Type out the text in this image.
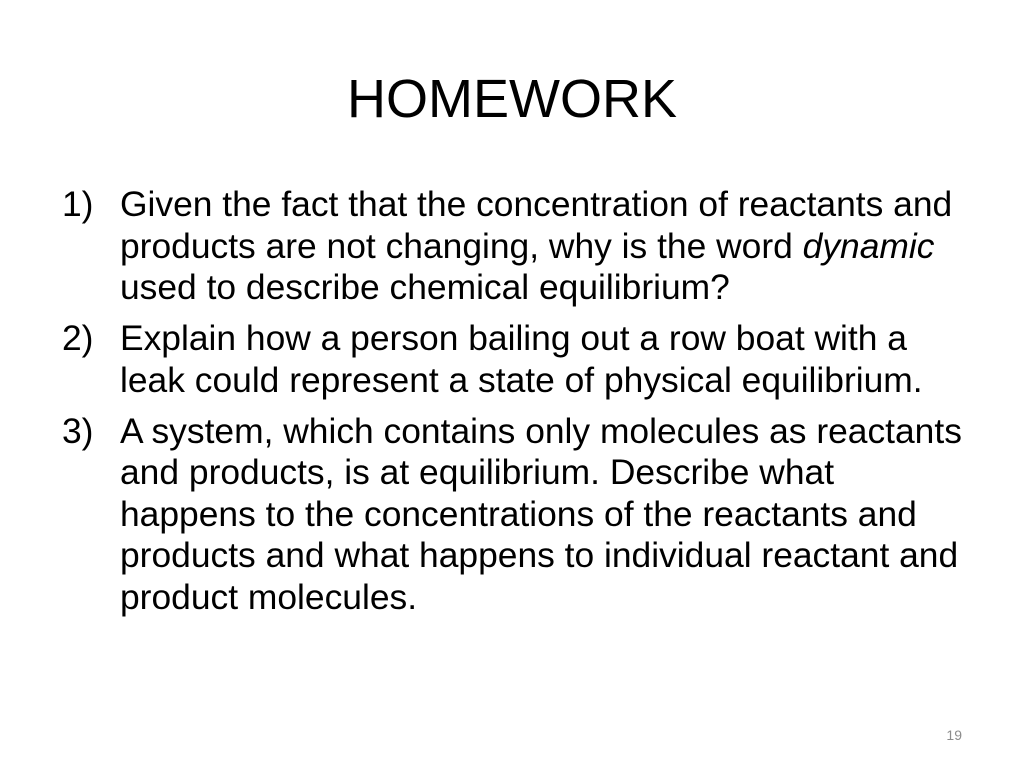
HOMEWORK
1) Given the fact that the concentration of reactants and
products are not changing, why is the word dynamic
used to describe chemical equilibrium?
2) Explain how a person bailing out a row boat with a
leak could represent a state of physical equilibrium.
3) A system, which contains only molecules as reactants
and products, is at equilibrium. Describe what
happens to the concentrations of the reactants and
products and what happens to individual reactant and
product molecules.
19
